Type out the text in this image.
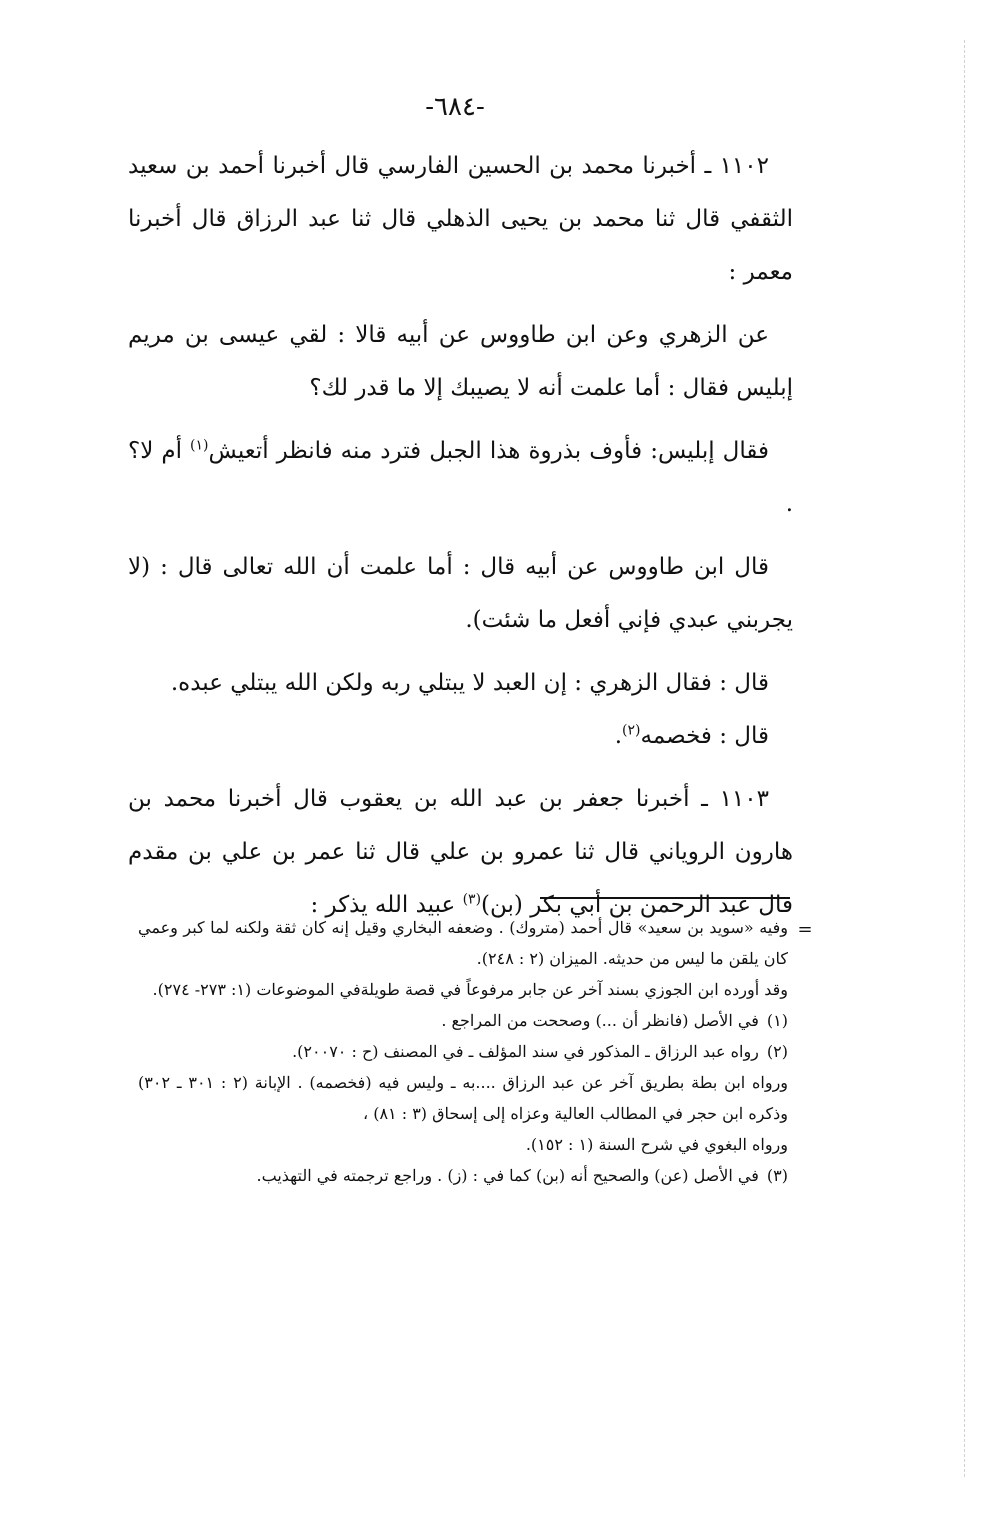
-٦٨٤-

١١٠٢ ـ أخبرنا محمد بن الحسين الفارسي قال أخبرنا أحمد بن سعيد الثقفي قال ثنا محمد بن يحيى الذهلي قال ثنا عبد الرزاق قال أخبرنا معمر :

عن الزهري وعن ابن طاووس عن أبيه قالا : لقي عيسى بن مريم إبليس فقال : أما علمت أنه لا يصيبك إلا ما قدر لك؟

فقال إبليس: فأوف بذروة هذا الجبل فترد منه فانظر أتعيش$^{(١)}$ أم لا؟ .

قال ابن طاووس عن أبيه قال : أما علمت أن الله تعالى قال : (لا يجربني عبدي فإني أفعل ما شئت).

قال : فقال الزهري : إن العبد لا يبتلي ربه ولكن الله يبتلي عبده.

قال : فخصمه$^{(٢)}$.

١١٠٣ ـ أخبرنا جعفر بن عبد الله بن يعقوب قال أخبرنا محمد بن هارون الروياني قال ثنا عمرو بن علي قال ثنا عمر بن علي بن مقدم قال عبد الرحمن بن أبي بكر (بن)$^{(٣)}$ عبيد الله يذكر :

=

وفيه «سويد بن سعيد» قال أحمد (متروك) . وضعفه البخاري وقيل إنه كان ثقة ولكنه لما كبر وعمي كان يلقن ما ليس من حديثه. الميزان (٢ : ٢٤٨).

وقد أورده ابن الجوزي بسند آخر عن جابر مرفوعاً في قصة طويلةفي الموضوعات (١: ٢٧٣- ٢٧٤).

(١)في الأصل (فانظر أن ...) وصححت من المراجع .

(٢)رواه عبد الرزاق ـ المذكور في سند المؤلف ـ في المصنف (ح : ٢٠٠٧٠).

ورواه ابن بطة بطريق آخر عن عبد الرزاق ....به ـ وليس فيه (فخصمه) . الإبانة (٢ : ٣٠١ ـ ٣٠٢) وذكره ابن حجر في المطالب العالية وعزاه إلى إسحاق (٣ : ٨١) ،

ورواه البغوي في شرح السنة (١ : ١٥٢).

(٣)في الأصل (عن) والصحيح أنه (بن) كما في : (ز) . وراجع ترجمته في التهذيب.
